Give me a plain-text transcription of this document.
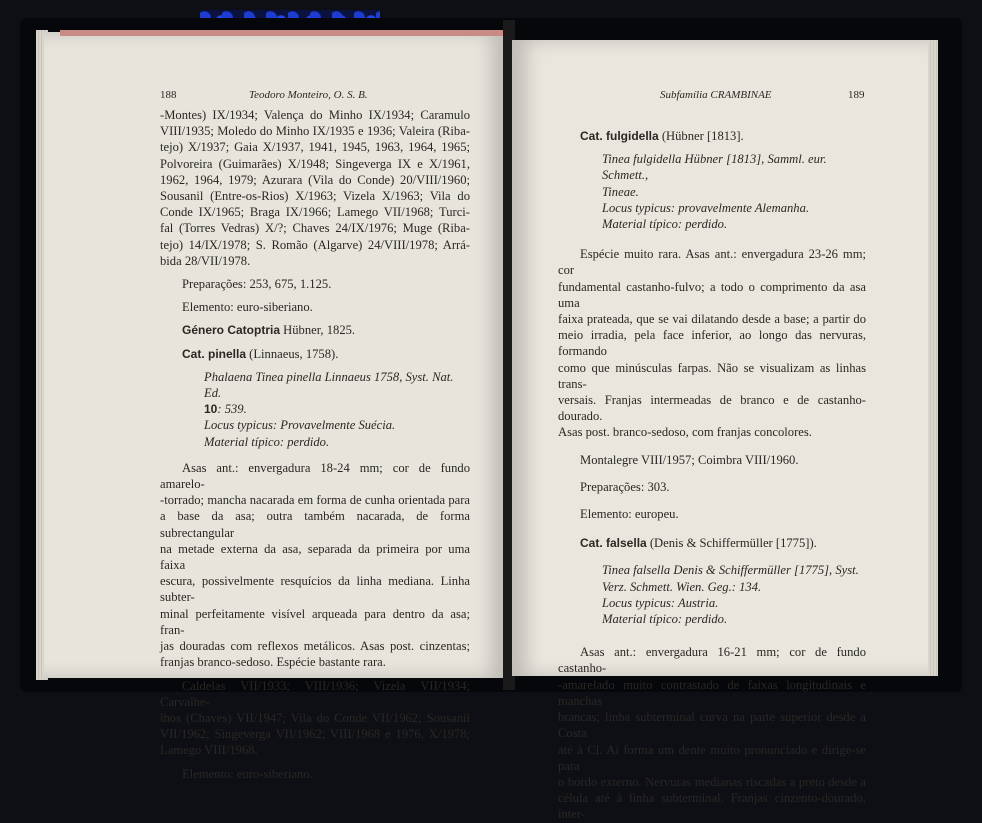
188	Teodoro Monteiro, O. S. B.

-Montes) IX/1934; Valença do Minho IX/1934; Caramulo

VIII/1935; Moledo do Minho IX/1935 e 1936; Valeira (Riba-

tejo) X/1937; Gaia X/1937, 1941, 1945, 1963, 1964, 1965;

Polvoreira (Guimarães) X/1948; Singeverga IX e X/1961,

1962, 1964, 1979; Azurara (Vila do Conde) 20/VIII/1960;

Sousanil (Entre-os-Rios) X/1963; Vizela X/1963; Vila do

Conde IX/1965; Braga IX/1966; Lamego VII/1968; Turci-

fal (Torres Vedras) X/?; Chaves 24/IX/1976; Muge (Riba-

tejo) 14/IX/1978; S. Romão (Algarve) 24/VIII/1978; Arrá-

bida 28/VII/1978.

Preparações: 253, 675, 1.125.

Elemento: euro-siberiano.

Género Catoptria Hübner, 1825.

Cat. pinella (Linnaeus, 1758).

Phalaena Tinea pinella Linnaeus 1758, Syst. Nat. Ed.

10: 539.

Locus typicus: Provavelmente Suécia.

Material típico: perdido.

Asas ant.: envergadura 18-24 mm; cor de fundo amarelo-

-torrado; mancha nacarada em forma de cunha orientada para

a base da asa; outra também nacarada, de forma subrectangular

na metade externa da asa, separada da primeira por uma faixa

escura, possivelmente resquícios da linha mediana. Linha subter-

minal perfeitamente visível arqueada para dentro da asa; fran-

jas douradas com reflexos metálicos. Asas post. cinzentas;

franjas branco-sedoso. Espécie bastante rara.

Caldelas VII/1933; VIII/1936; Vizela VII/1934; Carvalhe-

lhos (Chaves) VII/1947; Vila do Conde VII/1962; Sousanil

VII/1962; Singeverga VII/1962; VIII/1968 e 1976, X/1978;

Lamego VIII/1968.

Elemento: euro-siberiano.

Subfamília CRAMBINAE	189

Cat. fulgidella (Hübner [1813].

Tinea fulgidella Hübner [1813], Samml. eur. Schmett.,

Tineae.

Locus typicus: provavelmente Alemanha.

Material típico: perdido.

Espécie muito rara. Asas ant.: envergadura 23-26 mm; cor

fundamental castanho-fulvo; a todo o comprimento da asa uma

faixa prateada, que se vai dilatando desde a base; a partir do

meio irradia, pela face inferior, ao longo das nervuras, formando

como que minúsculas farpas. Não se visualizam as linhas trans-

versais. Franjas intermeadas de branco e de castanho-dourado.

Asas post. branco-sedoso, com franjas concolores.

Montalegre VIII/1957; Coimbra VIII/1960.

Preparações: 303.

Elemento: europeu.

Cat. falsella (Denis & Schiffermüller [1775]).

Tinea falsella Denis & Schiffermüller [1775], Syst.

Verz. Schmett. Wien. Geg.: 134.

Locus typicus: Austria.

Material típico: perdido.

Asas ant.: envergadura 16-21 mm; cor de fundo castanho-

-amarelado muito contrastado de faixas longitudinais e manchas

brancas; linha subterminal curva na parte superior desde a Costa

até à Cl. Aí forma um dente muito pronunciado e dirige-se para

o bordo externo. Nervuras medianas riscadas a preto desde a

célula até à linha subterminal. Franjas cinzento-dourado, inter-
